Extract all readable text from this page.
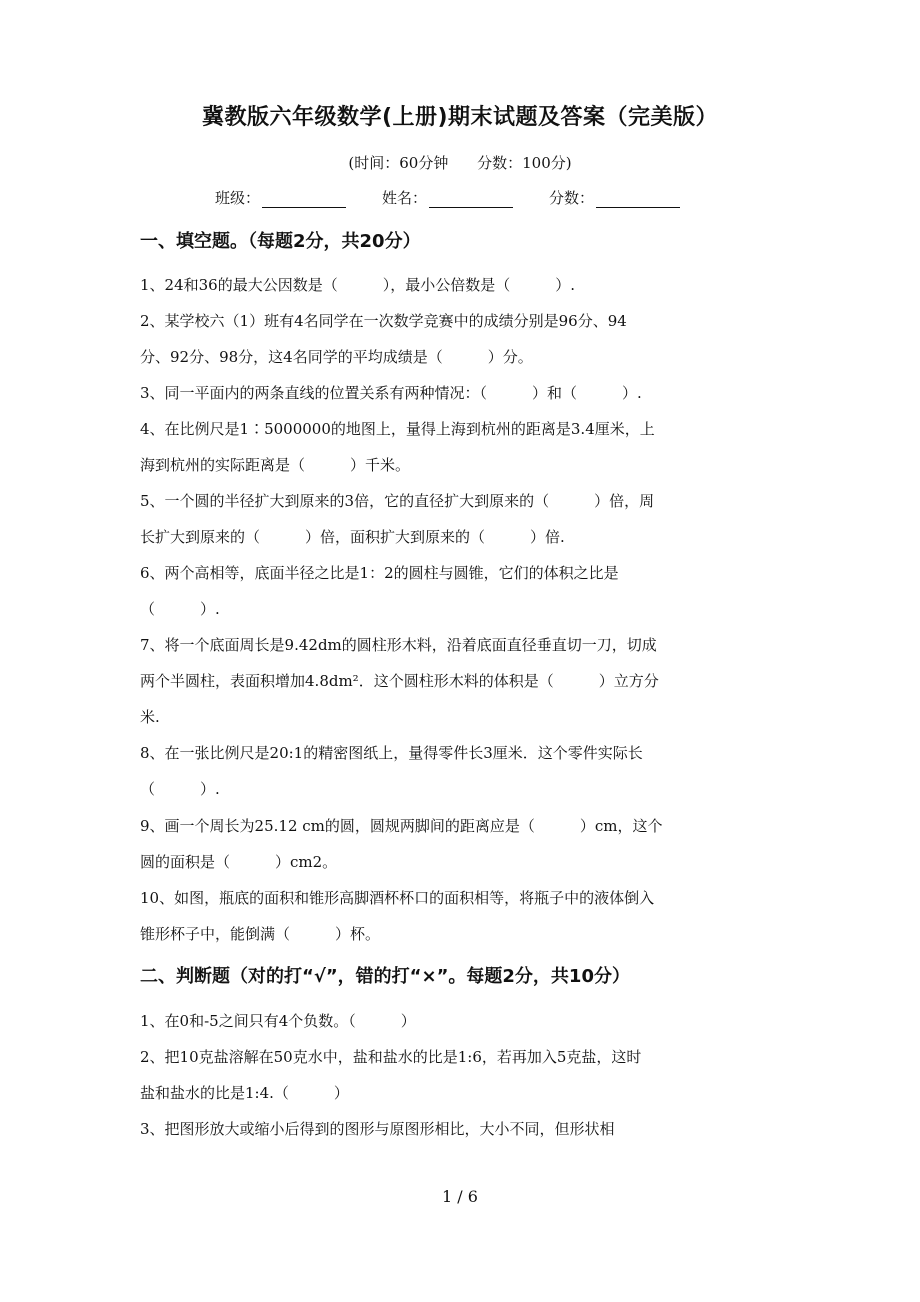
冀教版六年级数学(上册)期末试题及答案（完美版）
(时间：60分钟 分数：100分)
班级：	姓名：	分数：
一、填空题。（每题2分，共20分）
1、24和36的最大公因数是（　　　），最小公倍数是（　　　）.
2、某学校六（1）班有4名同学在一次数学竞赛中的成绩分别是96分、94
分、92分、98分，这4名同学的平均成绩是（　　　）分。
3、同一平面内的两条直线的位置关系有两种情况：（　　　）和（　　　）.
4、在比例尺是1∶5000000的地图上，量得上海到杭州的距离是3.4厘米，上
海到杭州的实际距离是（　　　）千米。
5、一个圆的半径扩大到原来的3倍，它的直径扩大到原来的（　　　）倍，周
长扩大到原来的（　　　）倍，面积扩大到原来的（　　　）倍.
6、两个高相等，底面半径之比是1：2的圆柱与圆锥，它们的体积之比是
（　　　）.
7、将一个底面周长是9.42dm的圆柱形木料，沿着底面直径垂直切一刀，切成
两个半圆柱，表面积增加4.8dm²．这个圆柱形木料的体积是（　　　）立方分
米.
8、在一张比例尺是20:1的精密图纸上，量得零件长3厘米．这个零件实际长
（　　　）.
9、画一个周长为25.12 cm的圆，圆规两脚间的距离应是（　　　）cm，这个
圆的面积是（　　　）cm2。
10、如图，瓶底的面积和锥形高脚酒杯杯口的面积相等，将瓶子中的液体倒入
锥形杯子中，能倒满（　　　）杯。
二、判断题（对的打“√”，错的打“×”。每题2分，共10分）
1、在0和-5之间只有4个负数。（　　　）
2、把10克盐溶解在50克水中，盐和盐水的比是1:6，若再加入5克盐，这时
盐和盐水的比是1:4.（　　　）
3、把图形放大或缩小后得到的图形与原图形相比，大小不同，但形状相
1 / 6
